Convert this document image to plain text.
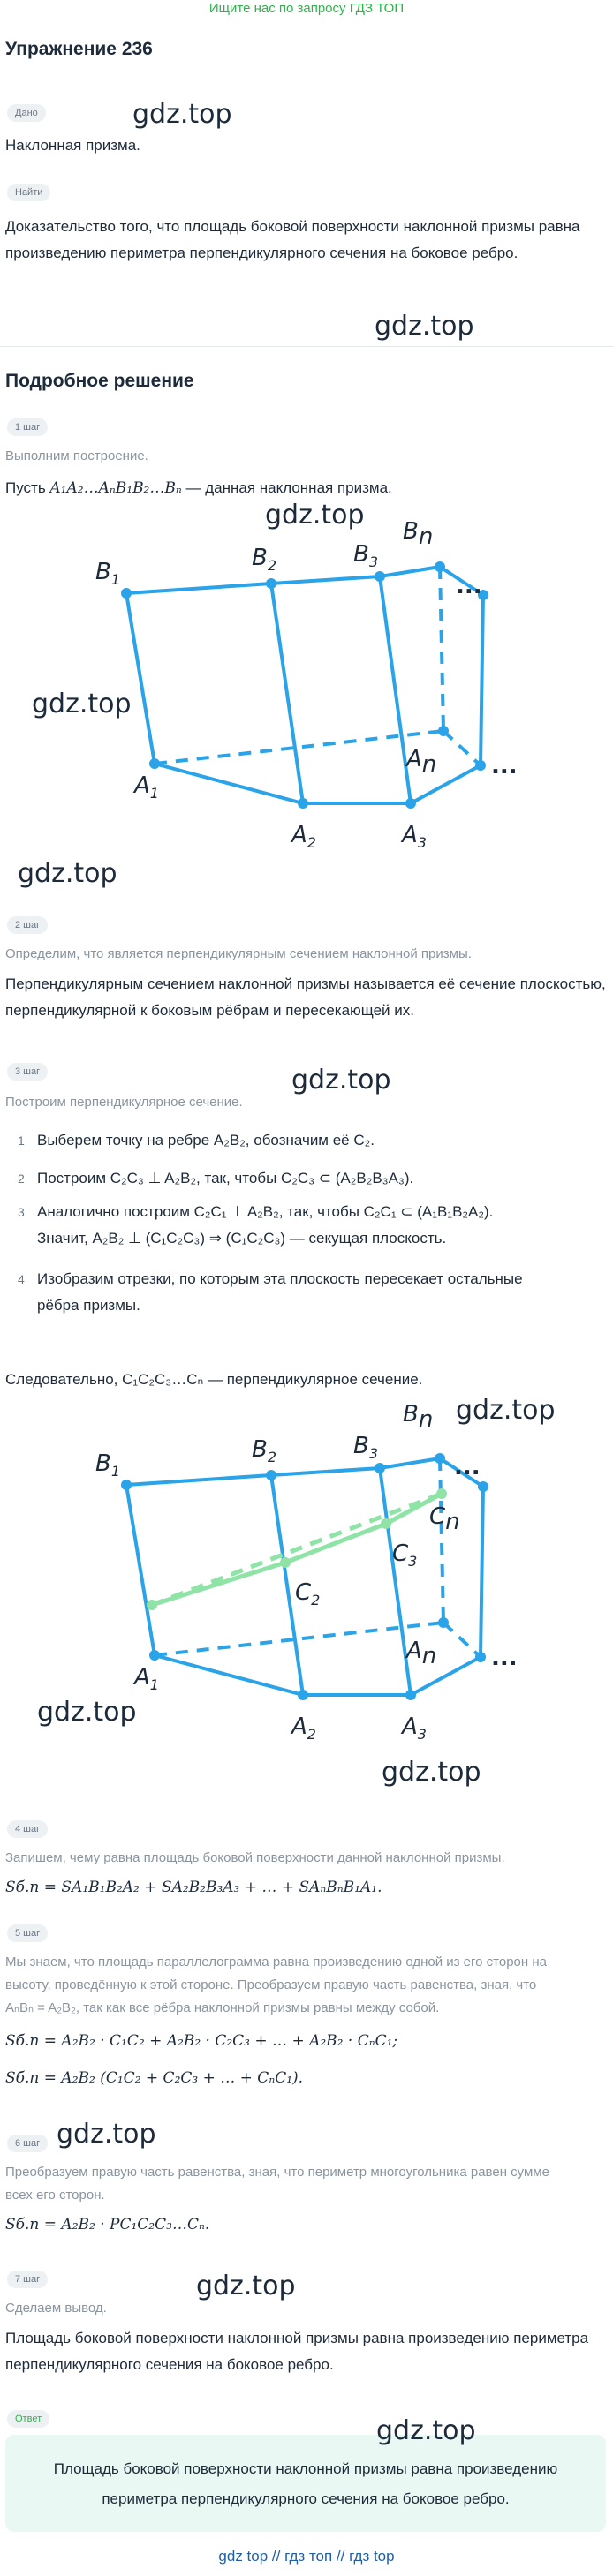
Ищите нас по запросу ГДЗ ТОП
Упражнение 236
Дано	gdz.top
Наклонная призма.
Найти
Доказательство того, что площадь боковой поверхности наклонной призмы равна произведению периметра перпендикулярного сечения на боковое ребро.
gdz.top
Подробное решение
1 шаг
Выполним построение.
Пусть A₁A₂…AₙB₁B₂…Bₙ — данная наклонная призма.
gdz.top
gdz.top
gdz.top
$B_1$
$B_2$	$B_3$
Bn
$A_1$
$A_2$	$A_3$
An
...
...
2 шаг
Определим, что является перпендикулярным сечением наклонной призмы.
Перпендикулярным сечением наклонной призмы называется её сечение плоскостью, перпендикулярной к боковым рёбрам и пересекающей их.
3 шаг	gdz.top
Построим перпендикулярное сечение.
1 Выберем точку на ребре A₂B₂, обозначим её C₂.
2 Построим C₂C₃ ⊥ A₂B₂, так, чтобы C₂C₃ ⊂ (A₂B₂B₃A₃).
3 Аналогично построим C₂C₁ ⊥ A₂B₂, так, чтобы C₂C₁ ⊂ (A₁B₁B₂A₂).
Значит, A₂B₂ ⊥ (C₁C₂C₃) ⇒ (C₁C₂C₃) — секущая плоскость.
4 Изобразим отрезки, по которым эта плоскость пересекает остальные
рёбра призмы.
Следовательно, C₁C₂C₃…Cₙ — перпендикулярное сечение.
gdz.top
$B_1$
$B_2$	$B_3$
Bn
$A_1$
$A_2$	$A_3$
An
...
...
$C_2$
$C_3$
Cn
gdz.top
gdz.top
4 шаг
Запишем, чему равна площадь боковой поверхности данной наклонной призмы.
Sб.п = SA₁B₁B₂A₂ + SA₂B₂B₃A₃ + … + SAₙBₙB₁A₁.
5 шаг
Мы знаем, что площадь параллелограмма равна произведению одной из его сторон на
высоту, проведённую к этой стороне. Преобразуем правую часть равенства, зная, что
AₙBₙ = A₂B₂, так как все рёбра наклонной призмы равны между собой.
Sб.п = A₂B₂ · C₁C₂ + A₂B₂ · C₂C₃ + … + A₂B₂ · CₙC₁;
Sб.п = A₂B₂ (C₁C₂ + C₂C₃ + … + CₙC₁).
6 шаг gdz.top
Преобразуем правую часть равенства, зная, что периметр многоугольника равен сумме
всех его сторон.
Sб.п = A₂B₂ · PC₁C₂C₃…Cₙ.
7 шаг	gdz.top
Сделаем вывод.
Площадь боковой поверхности наклонной призмы равна произведению периметра перпендикулярного сечения на боковое ребро.
Ответ
Площадь боковой поверхности наклонной призмы равна произведению
периметра перпендикулярного сечения на боковое ребро.
gdz.top
gdz top // гдз топ // гдз top
